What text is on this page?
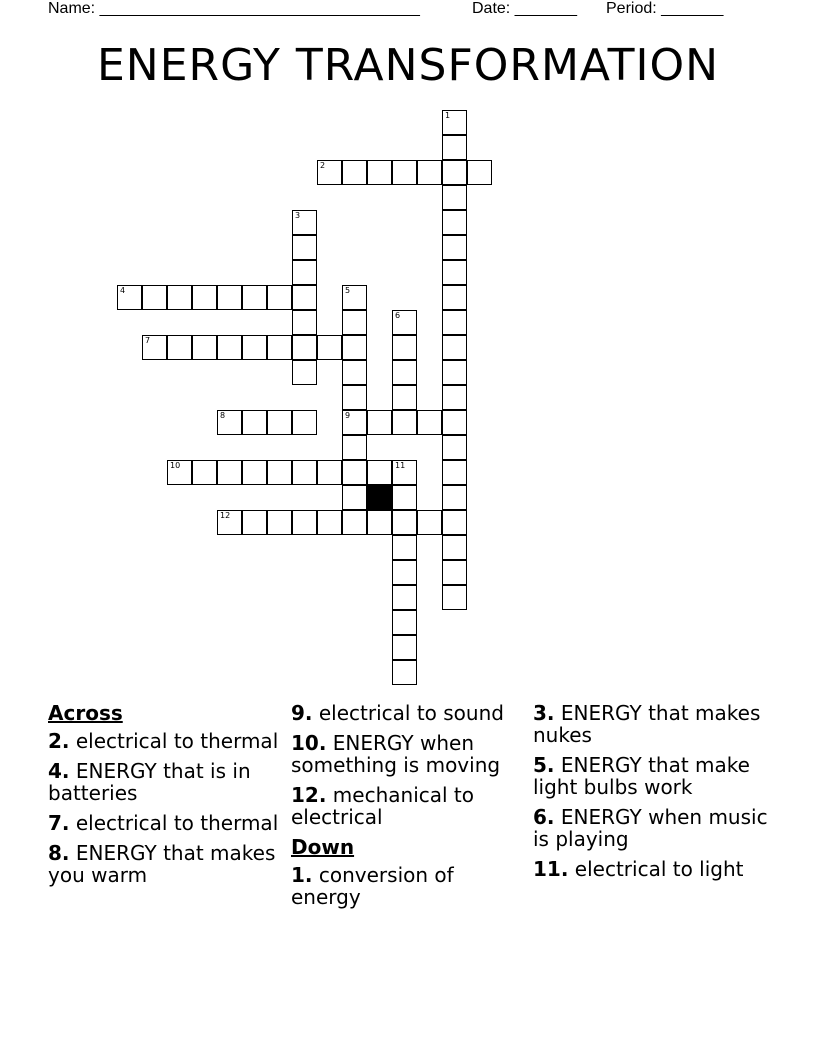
Name: ____________________________________	Date: _______ Period: _______
ENERGY TRANSFORMATION
1
2
3
4	5
9
6
7
8
10	11
12
Across
2. electrical to thermal
4. ENERGY that is in batteries
7. electrical to thermal
8. ENERGY that makes you warm
9. electrical to sound
10. ENERGY when something is moving
12. mechanical to electrical
Down
1. conversion of energy
3. ENERGY that makes nukes
5. ENERGY that make light bulbs work
6. ENERGY when music is playing
11. electrical to light
